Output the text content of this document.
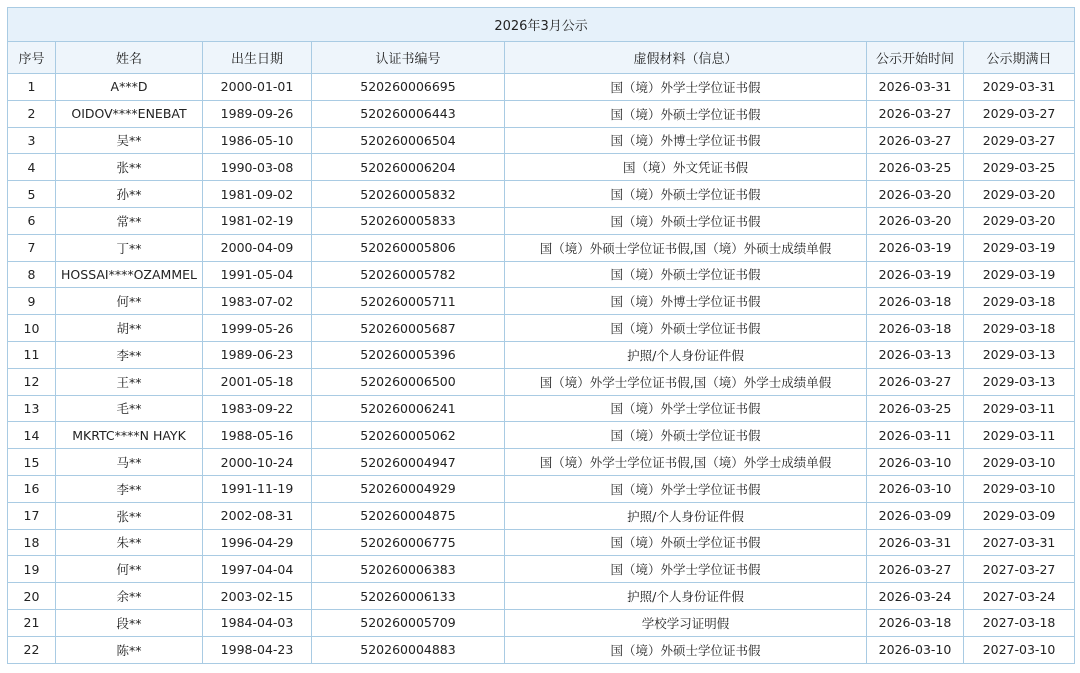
2026年3月公示						
序号	姓名	出生日期	认证书编号	虚假材料（信息）	公示开始时间	公示期满日
1	A***D	2000-01-01	520260006695	国（境）外学士学位证书假	2026-03-31	2029-03-31
2	OIDOV****ENEBAT	1989-09-26	520260006443	国（境）外硕士学位证书假	2026-03-27	2029-03-27
3	吴**	1986-05-10	520260006504	国（境）外博士学位证书假	2026-03-27	2029-03-27
4	张**	1990-03-08	520260006204	国（境）外文凭证书假	2026-03-25	2029-03-25
5	孙**	1981-09-02	520260005832	国（境）外硕士学位证书假	2026-03-20	2029-03-20
6	常**	1981-02-19	520260005833	国（境）外硕士学位证书假	2026-03-20	2029-03-20
7	丁**	2000-04-09	520260005806	国（境）外硕士学位证书假,国（境）外硕士成绩单假	2026-03-19	2029-03-19
8	HOSSAI****OZAMMEL	1991-05-04	520260005782	国（境）外硕士学位证书假	2026-03-19	2029-03-19
9	何**	1983-07-02	520260005711	国（境）外博士学位证书假	2026-03-18	2029-03-18
10	胡**	1999-05-26	520260005687	国（境）外硕士学位证书假	2026-03-18	2029-03-18
11	李**	1989-06-23	520260005396	护照/个人身份证件假	2026-03-13	2029-03-13
12	王**	2001-05-18	520260006500	国（境）外学士学位证书假,国（境）外学士成绩单假	2026-03-27	2029-03-13
13	毛**	1983-09-22	520260006241	国（境）外学士学位证书假	2026-03-25	2029-03-11
14	MKRTC****N HAYK	1988-05-16	520260005062	国（境）外硕士学位证书假	2026-03-11	2029-03-11
15	马**	2000-10-24	520260004947	国（境）外学士学位证书假,国（境）外学士成绩单假	2026-03-10	2029-03-10
16	李**	1991-11-19	520260004929	国（境）外学士学位证书假	2026-03-10	2029-03-10
17	张**	2002-08-31	520260004875	护照/个人身份证件假	2026-03-09	2029-03-09
18	朱**	1996-04-29	520260006775	国（境）外硕士学位证书假	2026-03-31	2027-03-31
19	何**	1997-04-04	520260006383	国（境）外学士学位证书假	2026-03-27	2027-03-27
20	余**	2003-02-15	520260006133	护照/个人身份证件假	2026-03-24	2027-03-24
21	段**	1984-04-03	520260005709	学校学习证明假	2026-03-18	2027-03-18
22	陈**	1998-04-23	520260004883	国（境）外硕士学位证书假	2026-03-10	2027-03-10
